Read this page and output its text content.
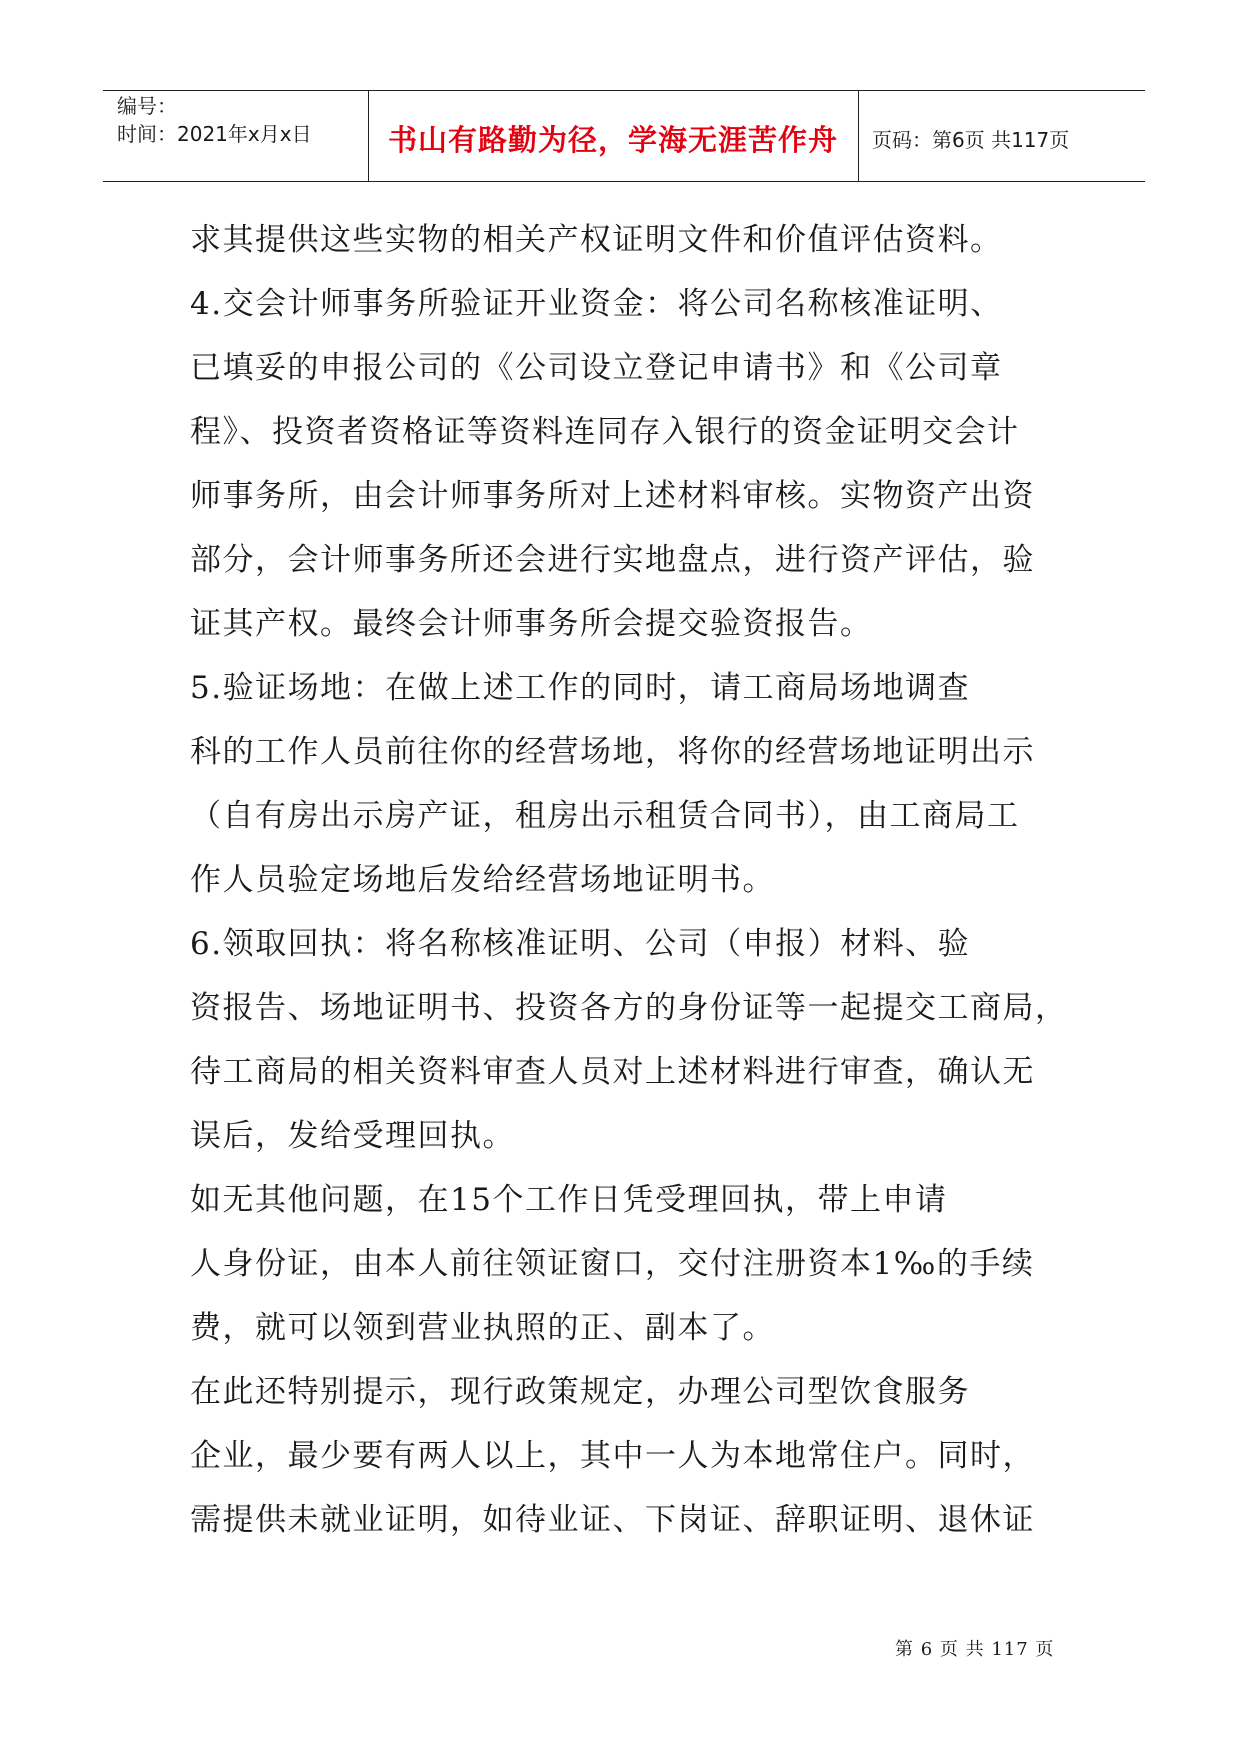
编号：
时间：2021年x月x日	书山有路勤为径，学海无涯苦作舟	页码：第6页 共117页
求其提供这些实物的相关产权证明文件和价值评估资料。
4.交会计师事务所验证开业资金：将公司名称核准证明、
已填妥的申报公司的《公司设立登记申请书》和《公司章
程》、投资者资格证等资料连同存入银行的资金证明交会计
师事务所，由会计师事务所对上述材料审核。实物资产出资
部分，会计师事务所还会进行实地盘点，进行资产评估，验
证其产权。最终会计师事务所会提交验资报告。
5.验证场地：在做上述工作的同时，请工商局场地调查
科的工作人员前往你的经营场地，将你的经营场地证明出示
（自有房出示房产证，租房出示租赁合同书），由工商局工
作人员验定场地后发给经营场地证明书。
6.领取回执：将名称核准证明、公司（申报）材料、验
资报告、场地证明书、投资各方的身份证等一起提交工商局，
待工商局的相关资料审查人员对上述材料进行审查，确认无
误后，发给受理回执。
如无其他问题，在15个工作日凭受理回执，带上申请
人身份证，由本人前往领证窗口，交付注册资本1‰的手续
费，就可以领到营业执照的正、副本了。
在此还特别提示，现行政策规定，办理公司型饮食服务
企业，最少要有两人以上，其中一人为本地常住户。同时，
需提供未就业证明，如待业证、下岗证、辞职证明、退休证
第 6 页 共 117 页
